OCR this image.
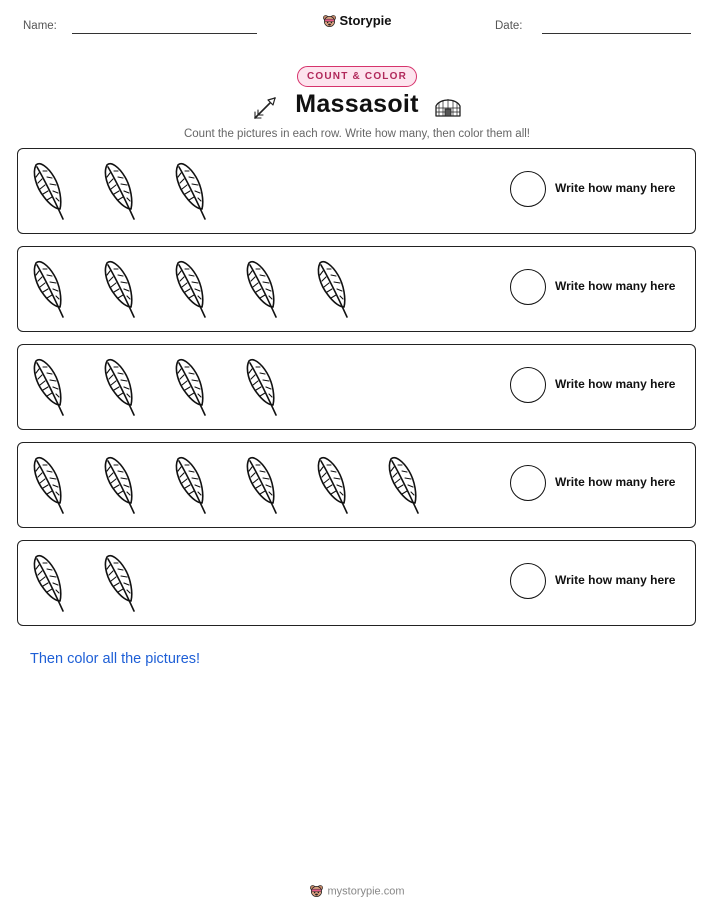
Name:	Storypie	Date:
COUNT & COLOR
Massasoit
Count the pictures in each row. Write how many, then color them all!
Write how many here
Write how many here
Write how many here
Write how many here
Write how many here
Then color all the pictures!
mystorypie.com
